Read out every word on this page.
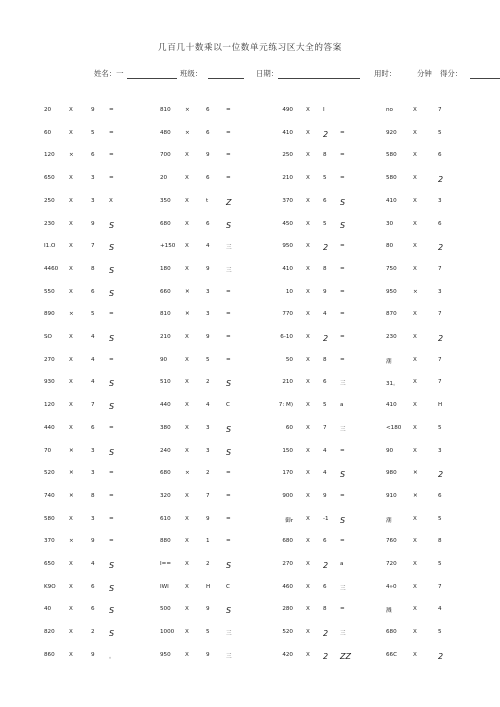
几百几十数乘以一位数单元练习区大全的答案
姓名：一	班级：	日期：	用时：	分钟 得分：
20	X	9	=	810	×	6	=	490 X I	no	X	7
60	X	5	=	480	×	6	=	410 X 2 =	920	X	5
120	×	6	=	700	X	9	=	250 X 8 =	580	X	6
650	X	3	=	20	X	6	=	210 X 5 =	580	X	2
250	X	3	X	350	X	t Z	370 X 6 S	410	X	3
230	X	9 S	680	X	6 S	450 X 5 S	30	X	6
I1.O X	7 S	+150 X	4	三	950 X 2 =	80	X	2
4460 X	8 S	180	X	9	三	410 X 8 =	750	X	7
550	X	6 S	660	✕	3	=	10 X 9 =	950	×	3
890	×	5	=	810	✕	3	=	770 X 4 =	870	X	7
SO	X	4 S	210	X	9	=	6-10 X 2 =	230	X	2
270	X	4	=	90	X	5	=	50 X 8 =	潮	X	7
930	X	4 S	510	X	2 S	210 X 6 三	31。	X	7
120	X	7 S	440	X	4	C	7: M) X 5 a	410	X	H
440	X	6	=	380	X	3 S	60 X 7 三	<180 X	5
70	✕	3 S	240	X	3 S	150 X 4 =	90	X	3
520	✕	3	=	680	×	2	=	170 X 4 S	980	✕	2
740	✕	8	=	320	X	7	=	900 X 9 =	910	✕	6
580	X	3	=	610	X	9	=	御r X -1 S	潮	X	5
370	×	9	=	880	X	1	=	680 X 6 =	760	X	8
650	X	4 S	I== X	2 S	270 X 2 a	720	X	5
K9O X	6 S	IWI	X	H	C	460 X 6 三	4»0	X	7
40	X	6 S	500	X	9 S	280 X 8 =	溅	X	4
820	X	2 S	1000 X	5	三	520 X 2 三	680	X	5
860	X	9	。	950	X	9	三	420 X 2 ZZ	66C	X	2
